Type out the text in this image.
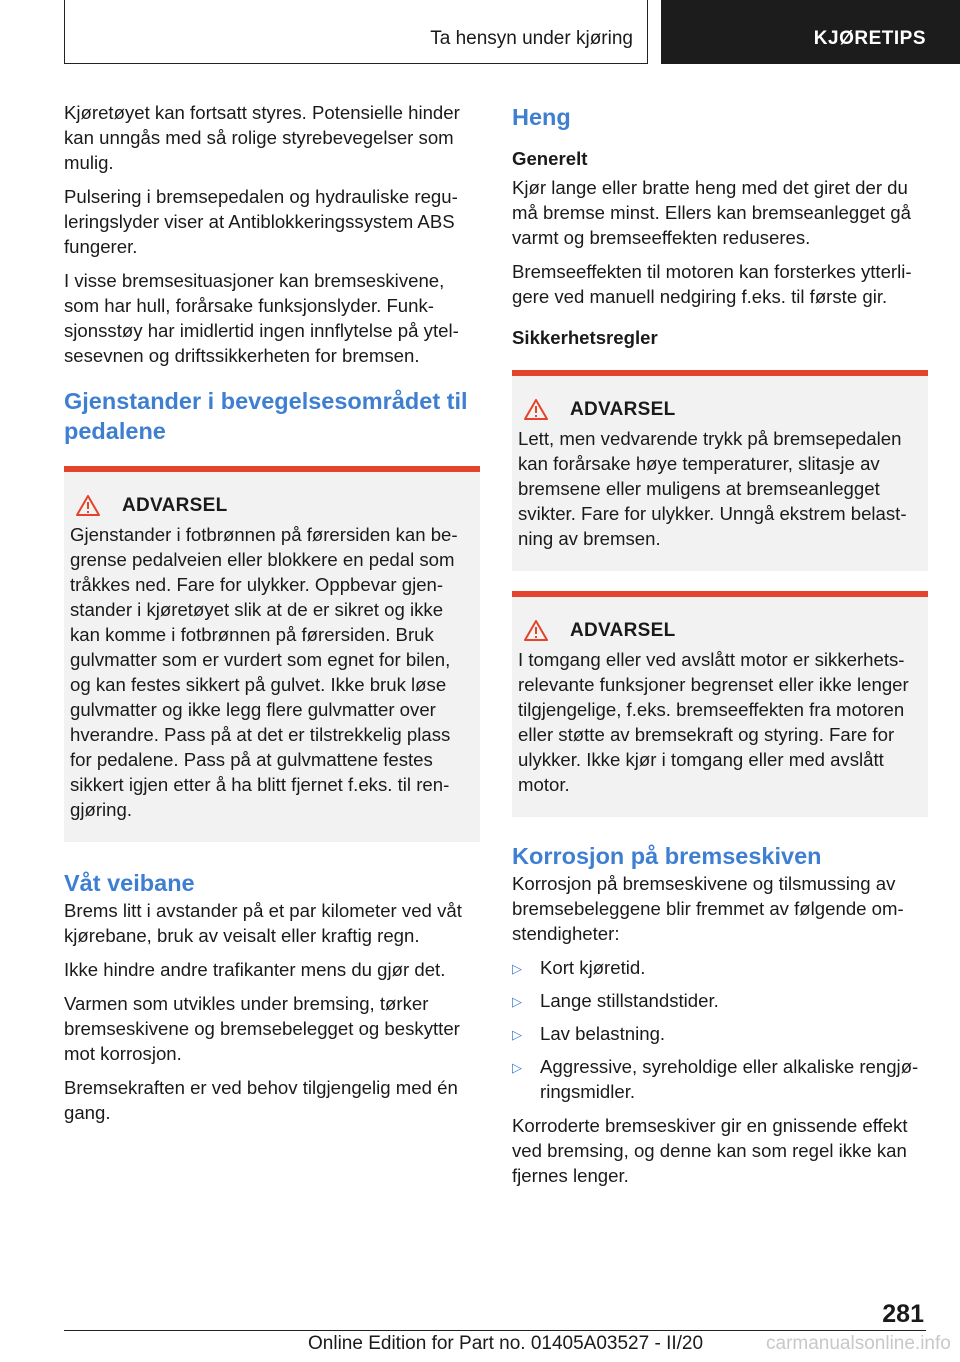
Ta hensyn under kjøring	KJØRETIPS

Kjøretøyet kan fortsatt styres. Potensielle hinder kan unngås med så rolige styrebevegelser som mulig.

Pulsering i bremsepedalen og hydrauliske regu‐leringslyder viser at Antiblokkeringssystem ABS fungerer.

I visse bremsesituasjoner kan bremseskivene, som har hull, forårsake funksjonslyder. Funk‐sjonsstøy har imidlertid ingen innflytelse på ytel‐sesevnen og driftssikkerheten for bremsen.

Gjenstander i bevegelsesområdet til pedalene
ADVARSEL

Gjenstander i fotbrønnen på førersiden kan be‐grense pedalveien eller blokkere en pedal som tråkkes ned. Fare for ulykker. Oppbevar gjen‐stander i kjøretøyet slik at de er sikret og ikke kan komme i fotbrønnen på førersiden. Bruk gulvmatter som er vurdert som egnet for bilen, og kan festes sikkert på gulvet. Ikke bruk løse gulvmatter og ikke legg flere gulvmatter over hverandre. Pass på at det er tilstrekkelig plass for pedalene. Pass på at gulvmattene festes sikkert igjen etter å ha blitt fjernet f.eks. til ren‐gjøring.

Våt veibane

Brems litt i avstander på et par kilometer ved våt kjørebane, bruk av veisalt eller kraftig regn.

Ikke hindre andre trafikanter mens du gjør det.

Varmen som utvikles under bremsing, tørker bremseskivene og bremsebelegget og beskytter mot korrosjon.

Bremsekraften er ved behov tilgjengelig med én gang.

Heng
Generelt

Kjør lange eller bratte heng med det giret der du må bremse minst. Ellers kan bremseanlegget gå varmt og bremseeffekten reduseres.

Bremseeffekten til motoren kan forsterkes ytterli‐gere ved manuell nedgiring f.eks. til første gir.

Sikkerhetsregler
ADVARSEL

Lett, men vedvarende trykk på bremsepedalen kan forårsake høye temperaturer, slitasje av bremsene eller muligens at bremseanlegget svikter. Fare for ulykker. Unngå ekstrem belast‐ning av bremsen.

ADVARSEL

I tomgang eller ved avslått motor er sikkerhets‐relevante funksjoner begrenset eller ikke lenger tilgjengelige, f.eks. bremseeffekten fra motoren eller støtte av bremsekraft og styring. Fare for ulykker. Ikke kjør i tomgang eller med avslått motor.

Korrosjon på bremseskiven

Korrosjon på bremseskivene og tilsmussing av bremsebeleggene blir fremmet av følgende om‐stendigheter:

▷ Kort kjøretid.
▷ Lange stillstandstider.
▷ Lav belastning.
▷ Aggressive, syreholdige eller alkaliske rengjø‐ringsmidler.

Korroderte bremseskiver gir en gnissende effekt ved bremsing, og denne kan som regel ikke kan fjernes lenger.

281
Online Edition for Part no. 01405A03527 - II/20	carmanualsonline.info
